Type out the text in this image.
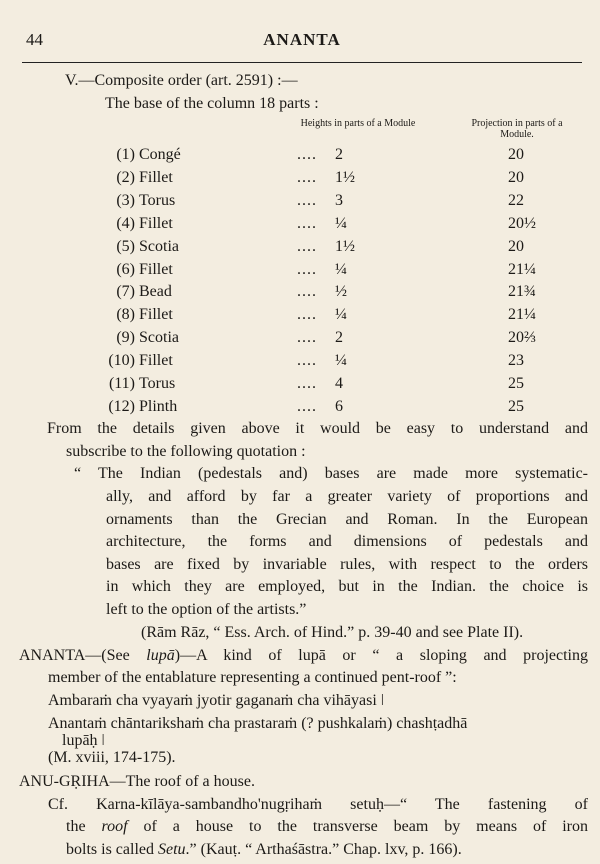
44	ANANTA
V.—Composite order (art. 2591) :—
The base of the column 18 parts :
Heights in parts of a Module	Projection in parts of a Module.
(1) Congé	.... 2	20
(2) Fillet	.... 1½	20
(3) Torus	.... 3	22
(4) Fillet	.... ¼	20½
(5) Scotia	.... 1½	20
(6) Fillet	.... ¼	21¼
(7) Bead	.... ½	21¾
(8) Fillet	.... ¼	21¼
(9) Scotia	.... 2	20⅔
(10) Fillet	.... ¼	23
(11) Torus	.... 4	25
(12) Plinth	.... 6	25
From the details given above it would be easy to understand and
subscribe to the following quotation :
“ The Indian (pedestals and) bases are made more systematic-
ally, and afford by far a greater variety of proportions and
ornaments than the Grecian and Roman. In the European
architecture, the forms and dimensions of pedestals and
bases are fixed by invariable rules, with respect to the orders
in which they are employed, but in the Indian. the choice is
left to the option of the artists.”
(Rām Rāz, “ Ess. Arch. of Hind.” p. 39-40 and see Plate II).
ANANTA—(See lupā)—A kind of lupā or “ a sloping and projecting
member of the entablature representing a continued pent-roof ”:
Ambaraṁ cha vyayaṁ jyotir gaganaṁ cha vihāyasi ǀ
Anantaṁ chāntarikshaṁ cha prastaraṁ (? pushkalaṁ) chashṭadhā
lupāḥ ǀ
(M. xviii, 174-175).
ANU-GṚIHA—The roof of a house.
Cf. Karna-kīlāya-sambandho'nugṛihaṁ setuḥ—“ The fastening of
the roof of a house to the transverse beam by means of iron
bolts is called Setu.” (Kauṭ. “ Arthaśāstra.” Chap. lxv, p. 166).
